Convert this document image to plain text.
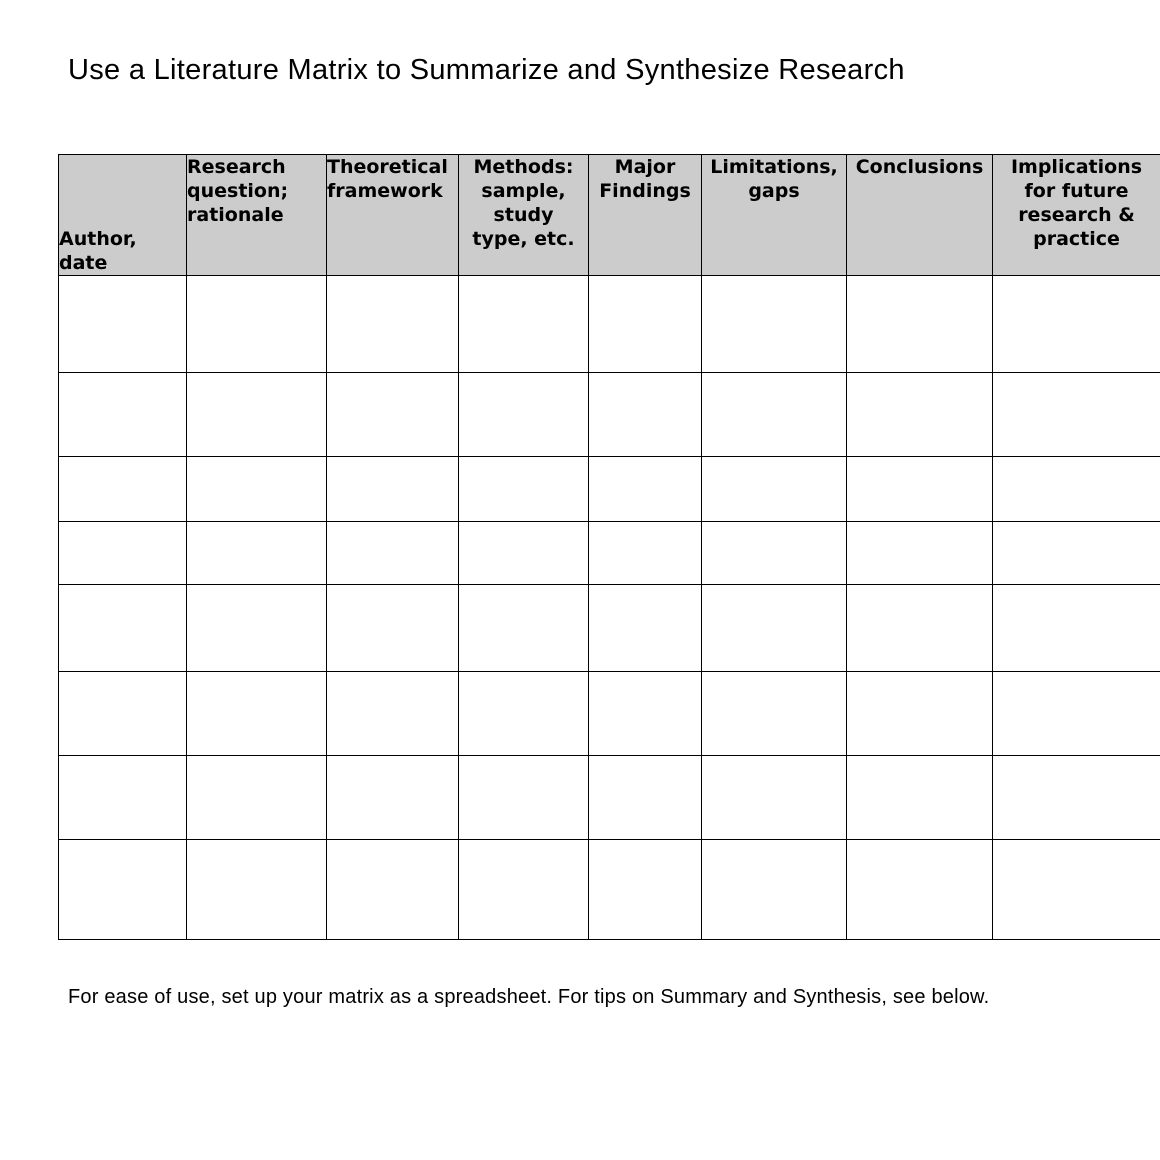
Use a Literature Matrix to Summarize and Synthesize Research
Author,
date	Research
question;
rationale	Theoretical
framework	Methods:
sample,
study
type, etc.	Major
Findings	Limitations,
gaps	Conclusions	Implications
for future
research &
practice

For ease of use, set up your matrix as a spreadsheet. For tips on Summary and Synthesis, see below.
